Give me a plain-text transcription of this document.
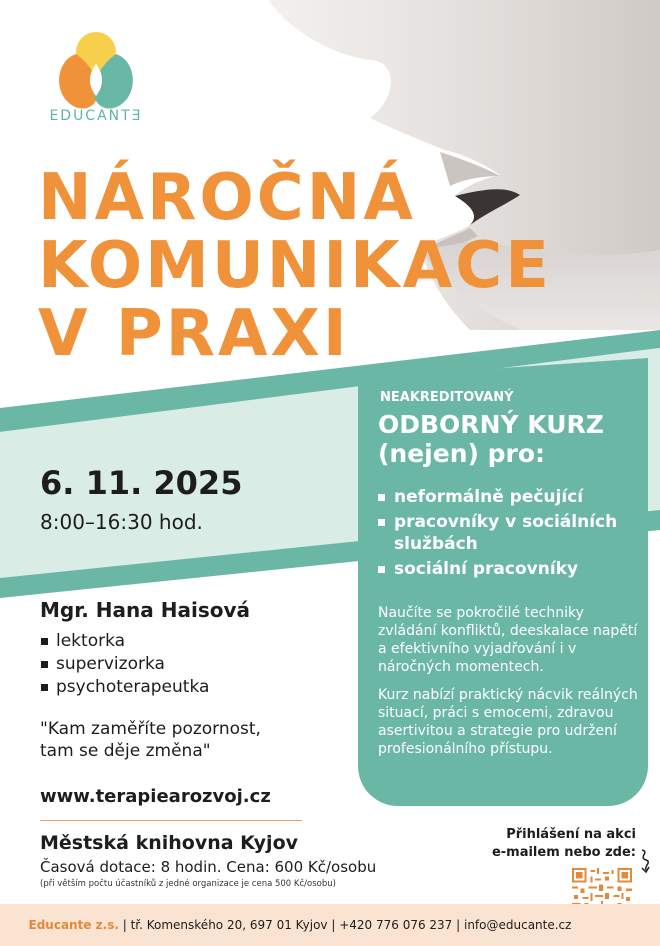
EDUCANTƎ
NÁROČNÁ
KOMUNIKACE
V PRAXI
6. 11. 2025
8:00–16:30 hod.
NEAKREDITOVANÝ
ODBORNÝ KURZ
(nejen) pro:
neformálně pečující
pracovníky v sociálních službách
sociální pracovníky
Naučíte se pokročilé techniky zvládání konfliktů, deeskalace napětí a efektivního vyjadřování i v náročných momentech.
Kurz nabízí praktický nácvik reálných situací, práci s emocemi, zdravou asertivitou a strategie pro udržení profesionálního přístupu.
Mgr. Hana Haisová
lektorka
supervizorka
psychoterapeutka
"Kam zaměříte pozornost,
tam se děje změna"
www.terapiearozvoj.cz
Městská knihovna Kyjov
Časová dotace: 8 hodin. Cena: 600 Kč/osobu
(při větším počtu účastníků z jedné organizace je cena 500 Kč/osobu)
Přihlášení na akci
e-mailem nebo zde:
Educante z.s. | tř. Komenského 20, 697 01 Kyjov | +420 776 076 237 | info@educante.cz
